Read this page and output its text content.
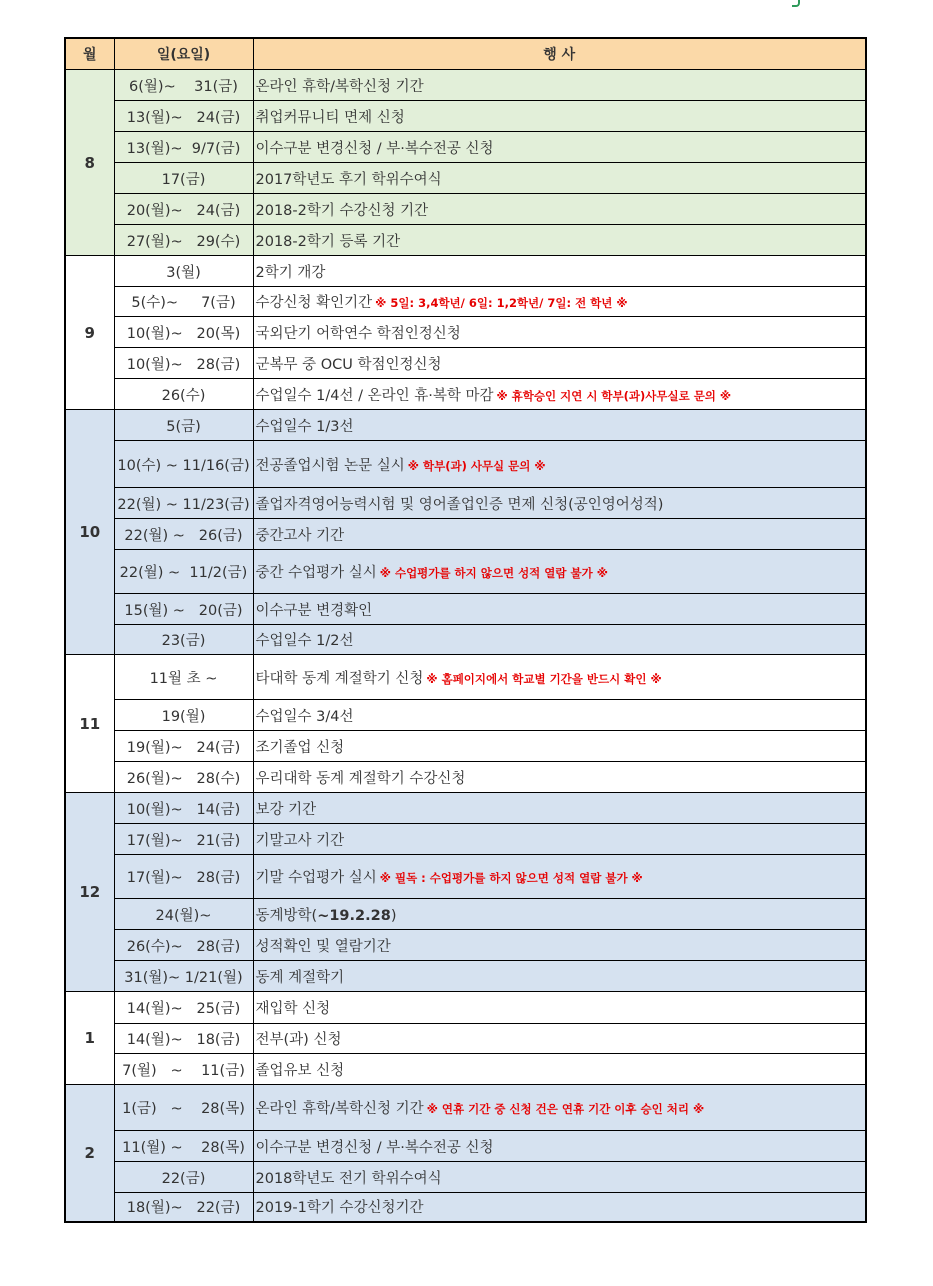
월	일(요일)	행 사
8	6(월)~    31(금)	온라인 휴학/복학신청 기간
	13(월)~   24(금)	취업커뮤니티 면제 신청
	13(월)~  9/7(금)	이수구분 변경신청 / 부·복수전공 신청
	17(금)	2017학년도 후기 학위수여식
	20(월)~   24(금)	2018-2학기 수강신청 기간
	27(월)~   29(수)	2018-2학기 등록 기간
9	3(월)	2학기 개강
	5(수)~     7(금)	수강신청 확인기간 ※ 5일: 3,4학년/ 6일: 1,2학년/ 7일: 전 학년 ※
	10(월)~   20(목)	국외단기 어학연수 학점인정신청
	10(월)~   28(금)	군복무 중 OCU 학점인정신청
	26(수)	수업일수 1/4선 / 온라인 휴·복학 마감 ※ 휴학승인 지연 시 학부(과)사무실로 문의 ※
10	5(금)	수업일수 1/3선
	10(수) ~ 11/16(금)	전공졸업시험 논문 실시 ※ 학부(과) 사무실 문의 ※
	22(월) ~ 11/23(금)	졸업자격영어능력시험 및 영어졸업인증 면제 신청(공인영어성적)
	22(월) ~   26(금)	중간고사 기간
	22(월) ~  11/2(금)	중간 수업평가 실시 ※ 수업평가를 하지 않으면 성적 열람 불가 ※
	15(월) ~   20(금)	이수구분 변경확인
	23(금)	수업일수 1/2선
11	11월 초 ~	타대학 동계 계절학기 신청 ※ 홈페이지에서 학교별 기간을 반드시 확인 ※
	19(월)	수업일수 3/4선
	19(월)~   24(금)	조기졸업 신청
	26(월)~   28(수)	우리대학 동계 계절학기 수강신청
12	10(월)~   14(금)	보강 기간
	17(월)~   21(금)	기말고사 기간
	17(월)~   28(금)	기말 수업평가 실시 ※ 필독 : 수업평가를 하지 않으면 성적 열람 불가 ※
	24(월)~	동계방학(~19.2.28)
	26(수)~   28(금)	성적확인 및 열람기간
	31(월)~ 1/21(월)	동계 계절학기
1	14(월)~   25(금)	재입학 신청
	14(월)~   18(금)	전부(과) 신청
	7(월)   ~    11(금)	졸업유보 신청
2	1(금)   ~    28(목)	온라인 휴학/복학신청 기간 ※ 연휴 기간 중 신청 건은 연휴 기간 이후 승인 처리 ※
	11(월) ~    28(목)	이수구분 변경신청 / 부·복수전공 신청
	22(금)	2018학년도 전기 학위수여식
	18(월)~   22(금)	2019-1학기 수강신청기간
